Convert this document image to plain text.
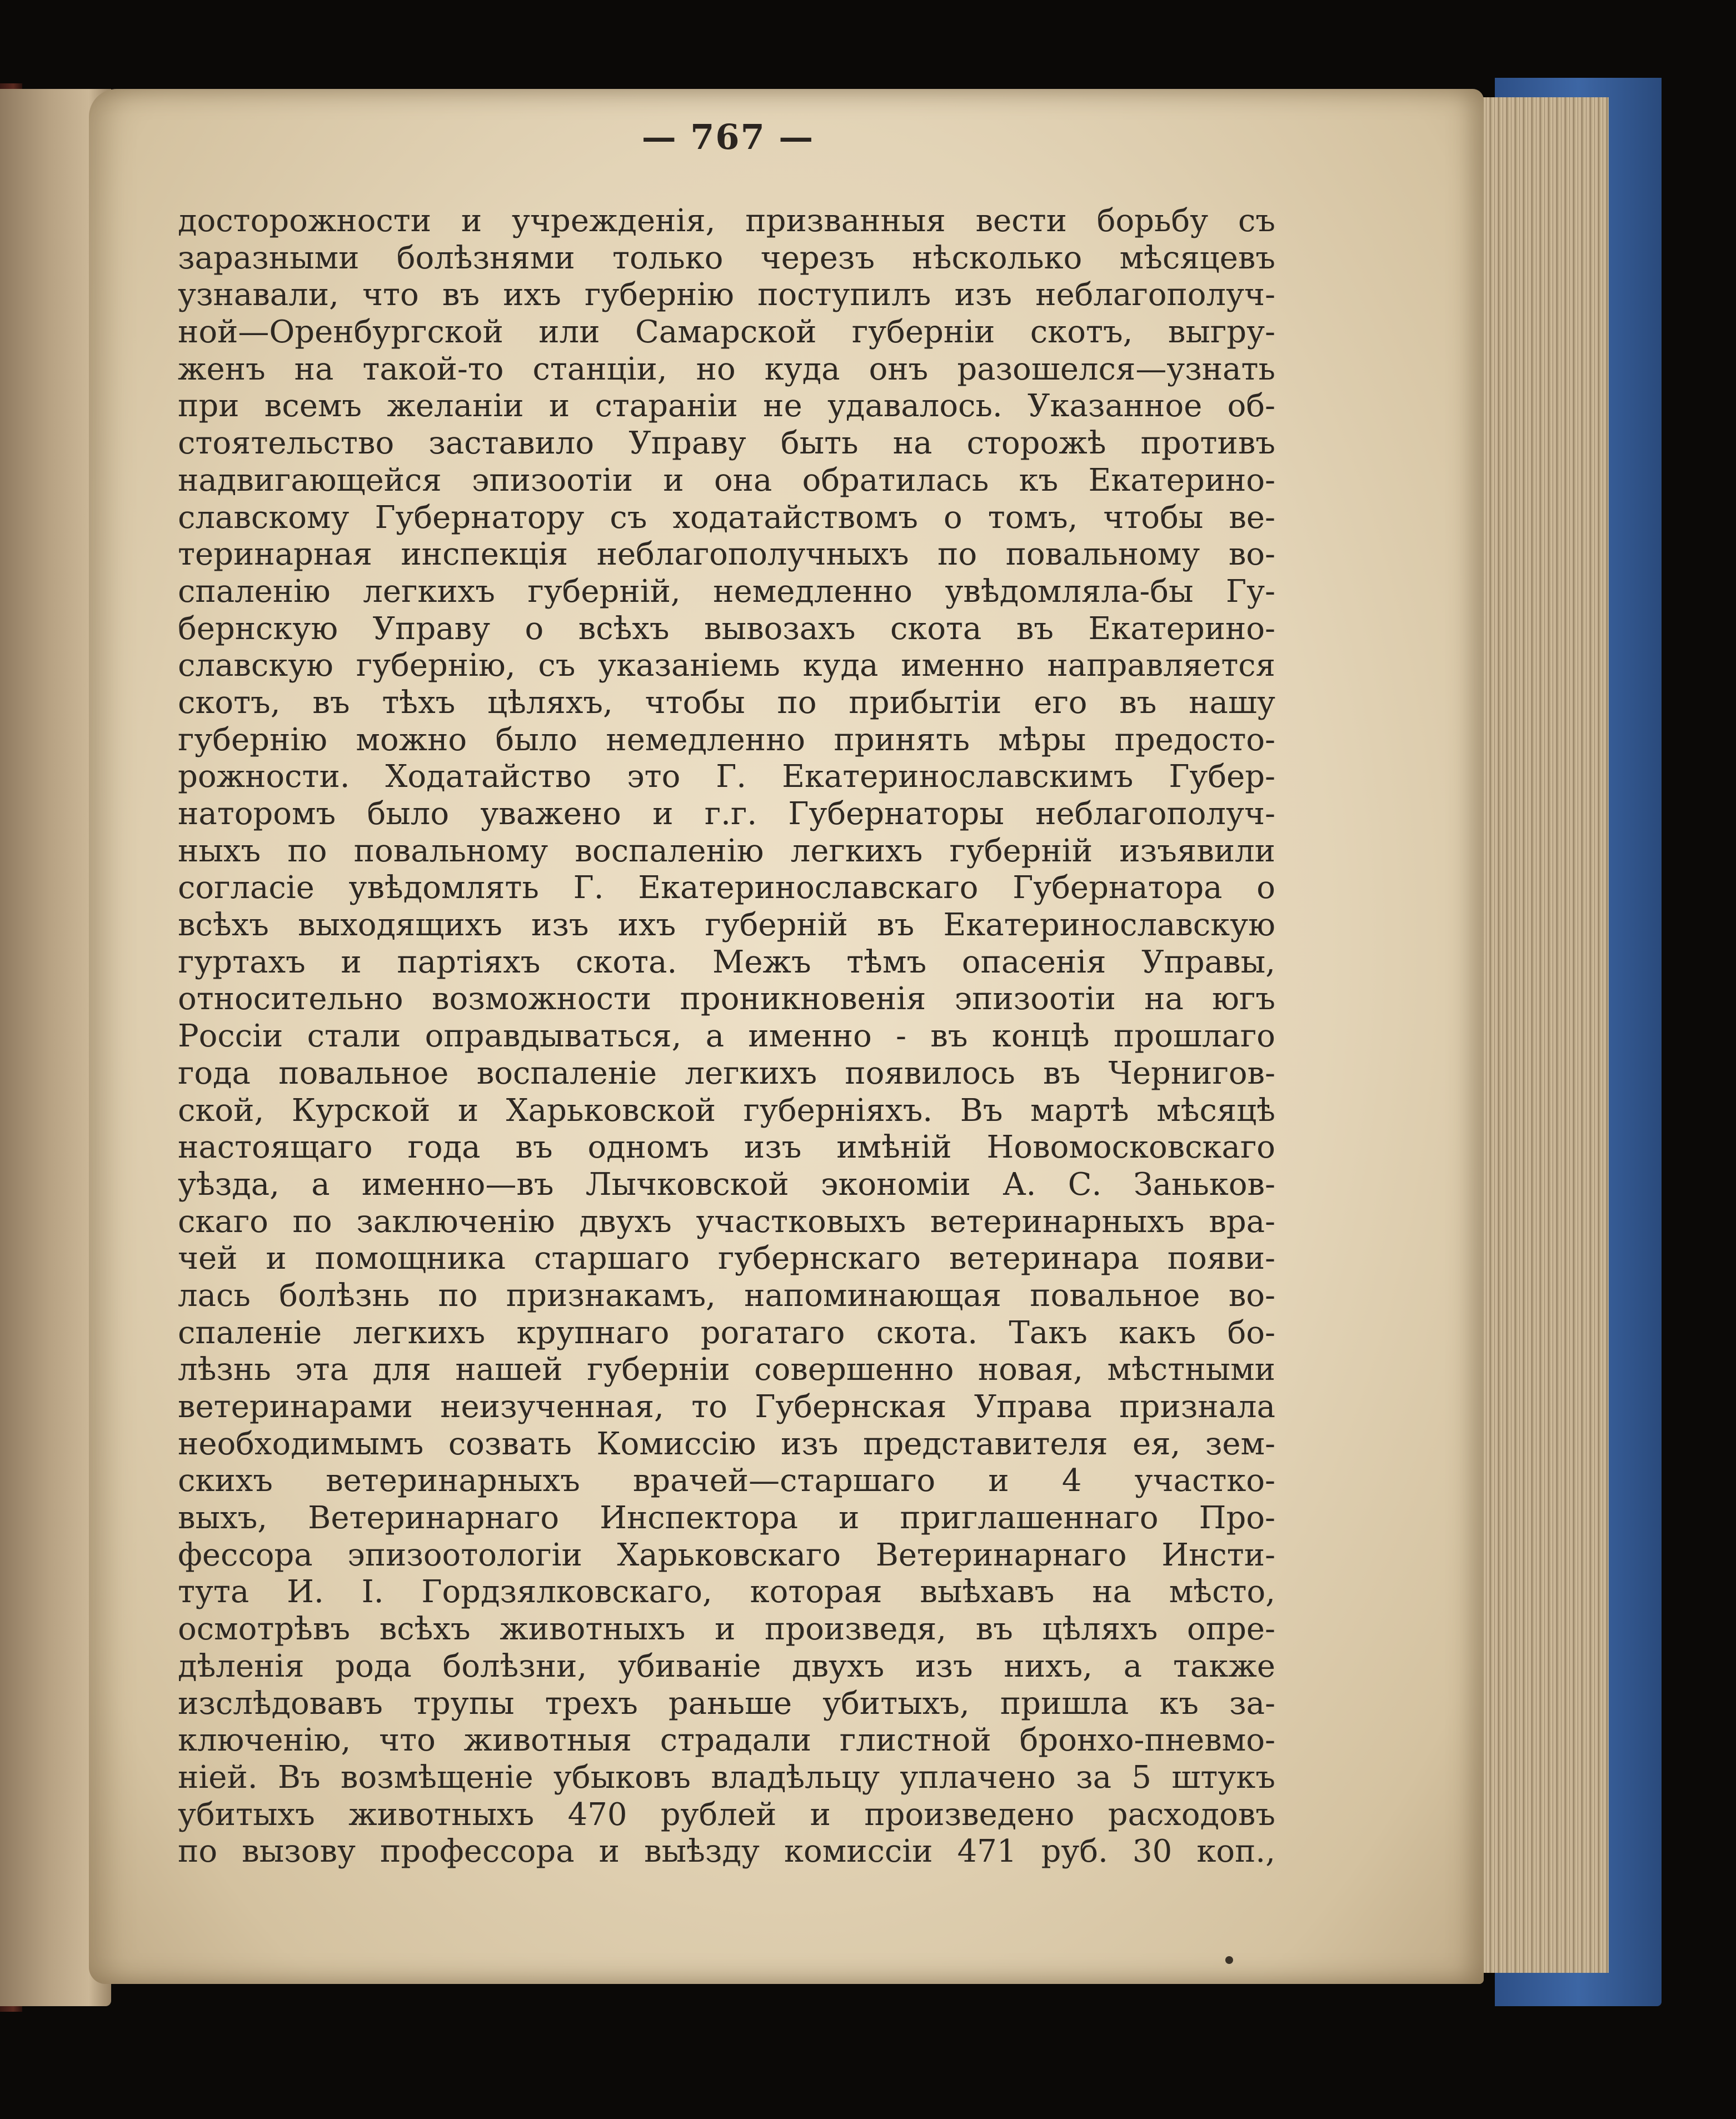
— 767 —
досторожности и учрежденія, призванныя вести борьбу съ
заразными болѣзнями только черезъ нѣсколько мѣсяцевъ
узнавали, что въ ихъ губернію поступилъ изъ неблагополуч-
ной—Оренбургской или Самарской губерніи скотъ, выгру-
женъ на такой-то станціи, но куда онъ разошелся—узнать
при всемъ желаніи и стараніи не удавалось. Указанное об-
стоятельство заставило Управу быть на сторожѣ противъ
надвигающейся эпизоотіи и она обратилась къ Екатерино-
славскому Губернатору съ ходатайствомъ о томъ, чтобы ве-
теринарная инспекція неблагополучныхъ по повальному во-
спаленію легкихъ губерній, немедленно увѣдомляла-бы Гу-
бернскую Управу о всѣхъ вывозахъ скота въ Екатерино-
славскую губернію, съ указаніемь куда именно направляется
скотъ, въ тѣхъ цѣляхъ, чтобы по прибытіи его въ нашу
губернію можно было немедленно принять мѣры предосто-
рожности. Ходатайство это Г. Екатеринославскимъ Губер-
наторомъ было уважено и г.г. Губернаторы неблагополуч-
ныхъ по повальному воспаленію легкихъ губерній изъявили
согласіе увѣдомлять Г. Екатеринославскаго Губернатора о
всѣхъ выходящихъ изъ ихъ губерній въ Екатеринославскую
гуртахъ и партіяхъ скота. Межъ тѣмъ опасенія Управы,
относительно возможности проникновенія эпизоотіи на югъ
Россіи стали оправдываться, а именно - въ концѣ прошлаго
года повальное воспаленіе легкихъ появилось въ Чернигов-
ской, Курской и Харьковской губерніяхъ. Въ мартѣ мѣсяцѣ
настоящаго года въ одномъ изъ имѣній Новомосковскаго
уѣзда, а именно—въ Лычковской экономіи А. С. Заньков-
скаго по заключенію двухъ участковыхъ ветеринарныхъ вра-
чей и помощника старшаго губернскаго ветеринара появи-
лась болѣзнь по признакамъ, напоминающая повальное во-
спаленіе легкихъ крупнаго рогатаго скота. Такъ какъ бо-
лѣзнь эта для нашей губерніи совершенно новая, мѣстными
ветеринарами неизученная, то Губернская Управа признала
необходимымъ созвать Комиссію изъ представителя ея, зем-
скихъ ветеринарныхъ врачей—старшаго и 4 участко-
выхъ, Ветеринарнаго Инспектора и приглашеннаго Про-
фессора эпизоотологіи Харьковскаго Ветеринарнаго Инсти-
тута И. І. Гордзялковскаго, которая выѣхавъ на мѣсто,
осмотрѣвъ всѣхъ животныхъ и произведя, въ цѣляхъ опре-
дѣленія рода болѣзни, убиваніе двухъ изъ нихъ, а также
изслѣдовавъ трупы трехъ раньше убитыхъ, пришла къ за-
ключенію, что животныя страдали глистной бронхо-пневмо-
ніей. Въ возмѣщеніе убыковъ владѣльцу уплачено за 5 штукъ
убитыхъ животныхъ 470 рублей и произведено расходовъ
по вызову профессора и выѣзду комиссіи 471 руб. 30 коп.,
